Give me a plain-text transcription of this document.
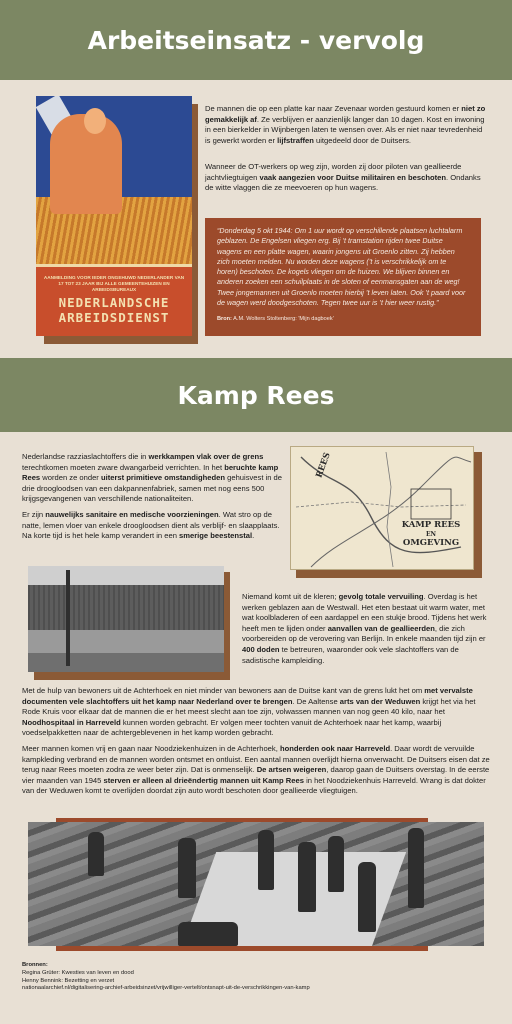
Arbeitseinsatz - vervolg
AANMELDING VOOR IEDER ONGEHUWD NEDERLANDER VAN 17 TOT 23 JAAR BIJ ALLE GEMEENTEHUIZEN EN ARBEIDSBUREAUX
NEDERLANDSCHE
ARBEIDSDIENST
De mannen die op een platte kar naar Zevenaar worden gestuurd komen er niet zo gemakkelijk af. Ze verblijven er aanzienlijk langer dan 10 dagen. Kost en inwoning in een bierkelder in Wijnbergen laten te wensen over. Als er niet naar tevredenheid is gewerkt worden er lijfstraffen uitgedeeld door de Duitsers.
Wanneer de OT-werkers op weg zijn, worden zij door piloten van geallieerde jachtvliegtuigen vaak aangezien voor Duitse militairen en beschoten. Ondanks de witte vlaggen die ze meevoeren op hun wagens.
“Donderdag 5 okt 1944: Om 1 uur wordt op verschillende plaatsen luchtalarm geblazen. De Engelsen vliegen erg. Bij ’t tramstation rijden twee Duitse wagens en een platte wagen, waarin jongens uit Groenlo zitten. Zij hebben zich moeten melden. Nu worden deze wagens (’t is verschrikkelijk om te horen) beschoten. De kogels vliegen om de huizen. We blijven binnen en anderen zoeken een schuilplaats in de sloten of eenmansgaten aan de weg! Twee jongemannen uit Groenlo moeten hierbij ’t leven laten. Ook ’t paard voor de wagen werd doodgeschoten. Tegen twee uur is ’t hier weer rustig.”
Bron: A.M. Wolters Stoltenberg: 'Mijn dagboek'
Kamp Rees
Nederlandse razziaslachtoffers die in werkkampen vlak over de grens terechtkomen moeten zware dwangarbeid verrichten. In het beruchte kamp Rees worden ze onder uiterst primitieve omstandigheden gehuisvest in de drie droogloodsen van een dakpannenfabriek, samen met nog eens 500 krijgsgevangenen van verschillende nationaliteiten.
Er zijn nauwelijks sanitaire en medische voorzieningen. Wat stro op de natte, lemen vloer van enkele droogloodsen dient als verblijf- en slaapplaats. Na korte tijd is het hele kamp verandert in een smerige beestenstal.
REES
KAMP REES
EN
OMGEVING
Niemand komt uit de kleren; gevolg totale vervuiling. Overdag is het werken geblazen aan de Westwall. Het eten bestaat uit warm water, met wat koolbladeren of een aardappel en een stukje brood. Tijdens het werk heeft men te lijden onder aanvallen van de geallieerden, die zich voorbereiden op de verovering van Berlijn. In enkele maanden tijd zijn er 400 doden te betreuren, waaronder ook vele slachtoffers van de sadistische kampleiding.
Met de hulp van bewoners uit de Achterhoek en niet minder van bewoners aan de Duitse kant van de grens lukt het om met vervalste documenten vele slachtoffers uit het kamp naar Nederland over te brengen. De Aaltense arts van der Weduwen krijgt het via het Rode Kruis voor elkaar dat de mannen die er het meest slecht aan toe zijn, volwassen mannen van nog geen 40 kilo, naar het Noodhospitaal in Harreveld kunnen worden gebracht. Er volgen meer tochten vanuit de Achterhoek naar het kamp, waarbij voedselpakketten naar de achtergeblevenen in het kamp worden gebracht.
Meer mannen komen vrij en gaan naar Noodziekenhuizen in de Achterhoek, honderden ook naar Harreveld. Daar wordt de vervuilde kampkleding verbrand en de mannen worden ontsmet en ontluist. Een aantal mannen overlijdt hierna onverwacht. De Duitsers eisen dat ze terug naar Rees moeten zodra ze weer beter zijn. Dat is onmenselijk. De artsen weigeren, daarop gaan de Duitsers overstag. In de eerste vier maanden van 1945 sterven er alleen al drieëndertig mannen uit Kamp Rees in het Noodziekenhuis Harreveld. Wrang is dat dokter van der Weduwen komt te overlijden doordat zijn auto wordt beschoten door geallieerde vliegtuigen.
Bronnen:
Regina Grüter: Kwesties van leven en dood
Henny Bennink: Bezetting en verzet
nationaalarchief.nl/digitalisering-archief-arbeidsinzet/vrijwilliger-vertelt/ontsnapt-uit-de-verschrikkingen-van-kamp
